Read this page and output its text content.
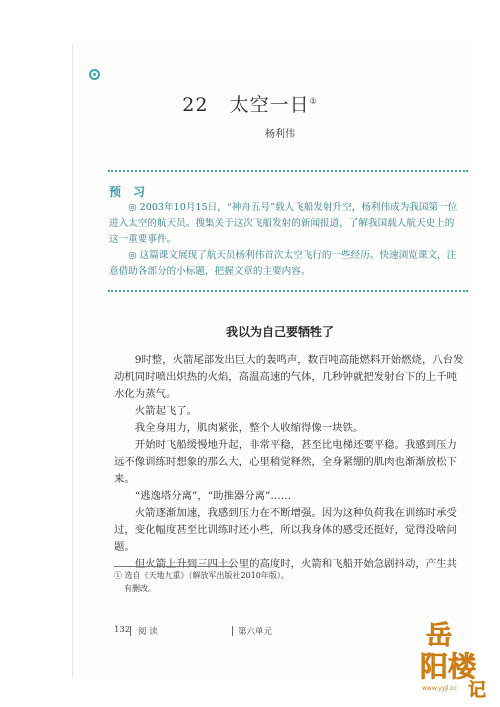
22 太空一日①
杨利伟
预 习

◎ 2003年10月15日，“神舟五号”载人飞船发射升空，杨利伟成为我国第一位进入太空的航天员。搜集关于这次飞船发射的新闻报道，了解我国载人航天史上的这一重要事件。

◎ 这篇课文展现了航天员杨利伟首次太空飞行的一些经历。快速浏览课文，注意借助各部分的小标题，把握文章的主要内容。

我以为自己要牺牲了

9时整，火箭尾部发出巨大的轰鸣声，数百吨高能燃料开始燃烧，八台发动机同时喷出炽热的火焰，高温高速的气体，几秒钟就把发射台下的上千吨水化为蒸气。

火箭起飞了。

我全身用力，肌肉紧张，整个人收缩得像一块铁。

开始时飞船缓慢地升起，非常平稳，甚至比电梯还要平稳。我感到压力远不像训练时想象的那么大，心里稍觉释然，全身紧绷的肌肉也渐渐放松下来。

“逃逸塔分离”，“助推器分离”……

火箭逐渐加速，我感到压力在不断增强。因为这种负荷我在训练时承受过，变化幅度甚至比训练时还小些，所以我身体的感受还挺好，觉得没啥问题。

但火箭上升到三四十公里的高度时，火箭和飞船开始急剧抖动，产生共

① 选自《天地九重》（解放军出版社2010年版）。
有删改。
132 阅 读	第六单元	岳
阳楼
记
www.yyjl.cc
